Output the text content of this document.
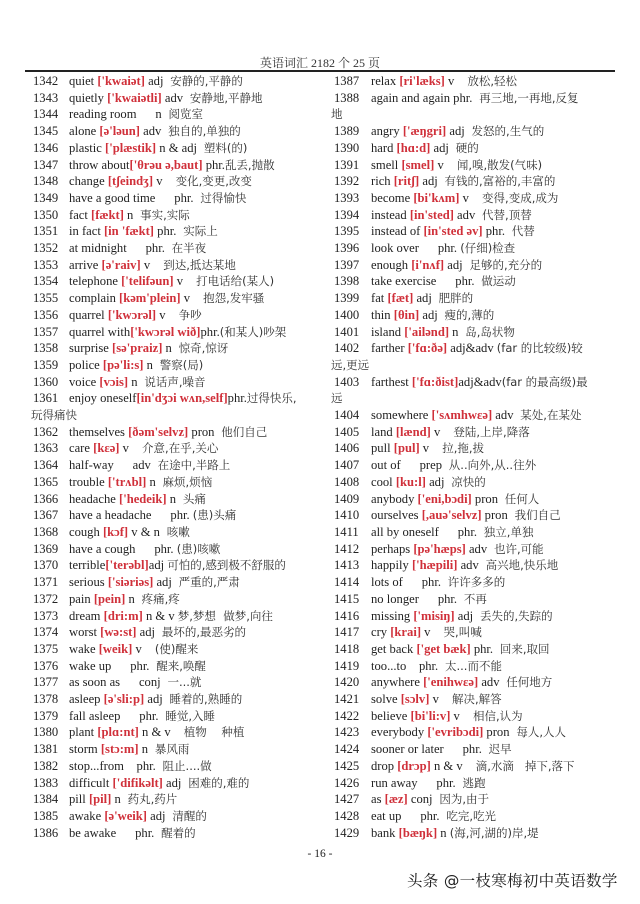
英语词汇 2182 个 25 页
1342 quiet ['kwaiət] adj  安静的,平静的
1343 quietly ['kwaiətli] adv  安静地,平静地
1344 reading room      n  阅览室
1345 alone [ə'ləun] adv  独自的,单独的
1346 plastic ['plæstik] n & adj  塑料(的)
1347 throw about['θrəu ə,baut] phr.乱丢,抛散
1348 change [tʃeindʒ] v    变化,变更,改变
1349 have a good time      phr.  过得愉快
1350 fact [fækt] n  事实,实际
1351 in fact [in 'fækt] phr.  实际上
1352 at midnight      phr.  在半夜
1353 arrive [ə'raiv] v    到达,抵达某地
1354 telephone ['telifəun] v    打电话给(某人)
1355 complain [kəm'plein] v    抱怨,发牢骚
1356 quarrel ['kwɔrəl] v    争吵
1357 quarrel with['kwɔrəl wið]phr.(和某人)吵架
1358 surprise [sə'praiz] n  惊奇,惊讶
1359 police [pə'li:s] n  警察(局)
1360 voice [vɔis] n  说话声,噪音
1361 enjoy oneself[in'dʒɔi wʌn,self]phr.过得快乐,
玩得痛快
1362 themselves [ðəm'selvz] pron  他们自己
1363 care [kεə] v    介意,在乎,关心
1364 half-way      adv  在途中,半路上
1365 trouble ['trʌbl] n  麻烦,烦恼
1366 headache ['hedeik] n  头痛
1367 have a headache      phr. (患)头痛
1368 cough [kɔf] v & n  咳嗽
1369 have a cough      phr. (患)咳嗽
1370 terrible['terəbl]adj 可怕的,感到极不舒服的
1371 serious ['siəriəs] adj  严重的,严肃
1372 pain [pein] n  疼痛,疼
1373 dream [dri:m] n & v 梦,梦想  做梦,向往
1374 worst [wə:st] adj  最坏的,最恶劣的
1375 wake [weik] v    (使)醒来
1376 wake up      phr.  醒来,唤醒
1377 as soon as      conj  一...就
1378 asleep [ə'sli:p] adj  睡着的,熟睡的
1379 fall asleep      phr.  睡觉,入睡
1380 plant [plɑ:nt] n & v    植物    种植
1381 storm [stɔ:m] n  暴风雨
1382 stop...from    phr.  阻止....做
1383 difficult ['difikəlt] adj  困难的,难的
1384 pill [pil] n  药丸,药片
1385 awake [ə'weik] adj  清醒的
1386 be awake      phr.  醒着的
1387 relax [ri'læks] v    放松,轻松
1388 again and again phr.  再三地,一再地,反复
地
1389 angry ['æŋgri] adj  发怒的,生气的
1390 hard [hɑ:d] adj  硬的
1391 smell [smel] v    闻,嗅,散发(气味)
1392 rich [ritʃ] adj  有钱的,富裕的,丰富的
1393 become [bi'kʌm] v    变得,变成,成为
1394 instead [in'sted] adv  代替,顶替
1395 instead of [in'sted əv] phr.  代替
1396 look over      phr. (仔细)检查
1397 enough [i'nʌf] adj  足够的,充分的
1398 take exercise      phr.  做运动
1399 fat [fæt] adj  肥胖的
1400 thin [θin] adj  瘦的,薄的
1401 island ['ailənd] n  岛,岛状物
1402 farther ['fɑ:ðə] adj&adv (far 的比较级)较
远,更远
1403 farthest ['fɑ:ðist]adj&adv(far 的最高级)最
远
1404 somewhere ['sʌmhwεə] adv  某处,在某处
1405 land [lænd] v    登陆,上岸,降落
1406 pull [pul] v    拉,拖,拔
1407 out of      prep  从..向外,从..往外
1408 cool [ku:l] adj  凉快的
1409 anybody ['eni,bɔdi] pron  任何人
1410 ourselves [,auə'selvz] pron  我们自己
1411 all by oneself      phr.  独立,单独
1412 perhaps [pə'hæps] adv  也许,可能
1413 happily ['hæpili] adv  高兴地,快乐地
1414 lots of      phr.  许许多多的
1415 no longer      phr.  不再
1416 missing ['misiŋ] adj  丢失的,失踪的
1417 cry [krai] v    哭,叫喊
1418 get back ['get bæk] phr.  回来,取回
1419 too...to    phr.  太...而不能
1420 anywhere ['enihwεə] adv  任何地方
1421 solve [sɔlv] v    解决,解答
1422 believe [bi'li:v] v    相信,认为
1423 everybody ['evribɔdi] pron  每人,人人
1424 sooner or later      phr.  迟早
1425 drop [drɔp] n & v    滴,水滴   掉下,落下
1426 run away      phr.  逃跑
1427 as [æz] conj  因为,由于
1428 eat up      phr.  吃完,吃光
1429 bank [bæŋk] n (海,河,湖的)岸,堤
- 16 -
头条 @一枝寒梅初中英语数学
